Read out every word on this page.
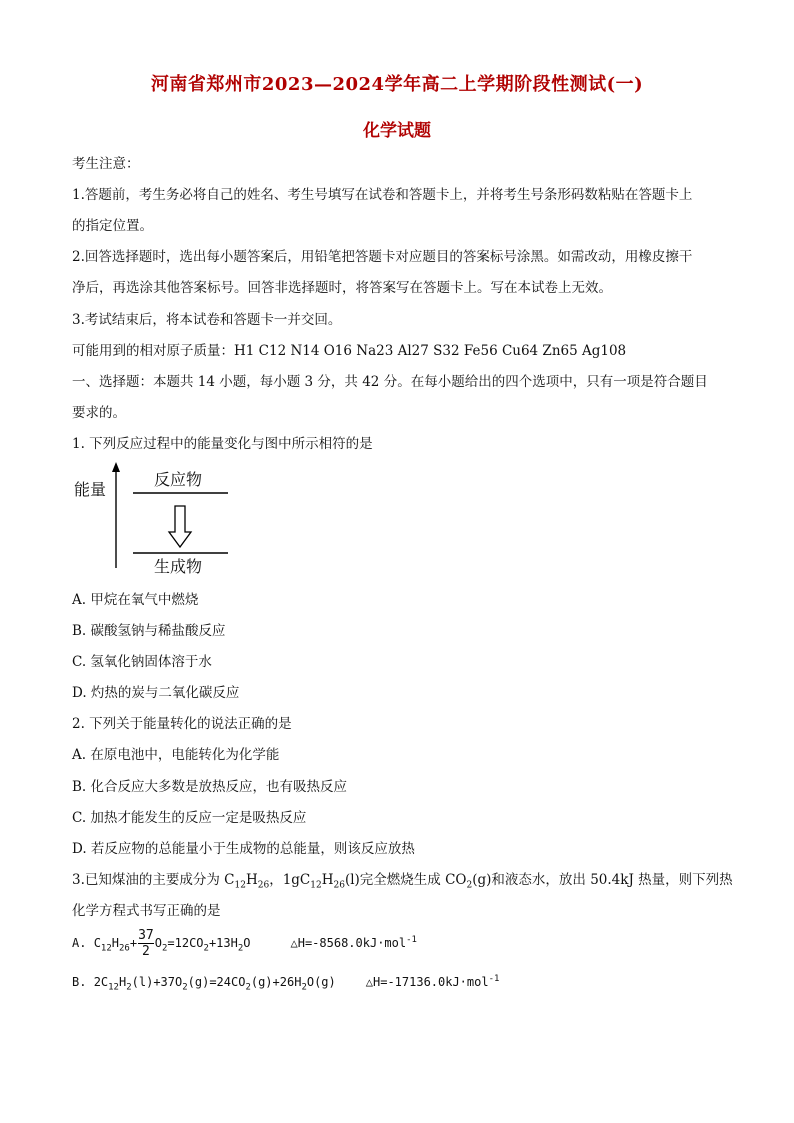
河南省郑州市2023—2024学年高二上学期阶段性测试(一)
化学试题
考生注意：
1.答题前，考生务必将自己的姓名、考生号填写在试卷和答题卡上，并将考生号条形码数粘贴在答题卡上
的指定位置。
2.回答选择题时，选出每小题答案后，用铅笔把答题卡对应题目的答案标号涂黑。如需改动，用橡皮擦干
净后，再选涂其他答案标号。回答非选择题时，将答案写在答题卡上。写在本试卷上无效。
3.考试结束后，将本试卷和答题卡一并交回。
可能用到的相对原子质量：H1 C12 N14 O16 Na23 Al27 S32 Fe56 Cu64 Zn65 Ag108
一、选择题：本题共 14 小题，每小题 3 分，共 42 分。在每小题给出的四个选项中，只有一项是符合题目
要求的。
1. 下列反应过程中的能量变化与图中所示相符的是
能量
反应物
生成物
A. 甲烷在氧气中燃烧
B. 碳酸氢钠与稀盐酸反应
C. 氢氧化钠固体溶于水
D. 灼热的炭与二氧化碳反应
2. 下列关于能量转化的说法正确的是
A. 在原电池中，电能转化为化学能
B. 化合反应大多数是放热反应，也有吸热反应
C. 加热才能发生的反应一定是吸热反应
D. 若反应物的总能量小于生成物的总能量，则该反应放热
3.已知煤油的主要成分为 $C_{12}H_{26}$，$1gC_{12}H_{26}(l)$完全燃烧生成 $CO_2(g)$和液态水，放出 50.4kJ 热量，则下列热
化学方程式书写正确的是
A. $C_{12}H_{26}+ \frac{37}{2} O_2=12CO_2+13H_2O$	△H=-8568.0kJ·mol$^{-1}$
B. $2C_{12}H_2(l)+37O_2(g)=24CO_2(g)+26H_2O(g)$	△H=-17136.0kJ·mol$^{-1}$
